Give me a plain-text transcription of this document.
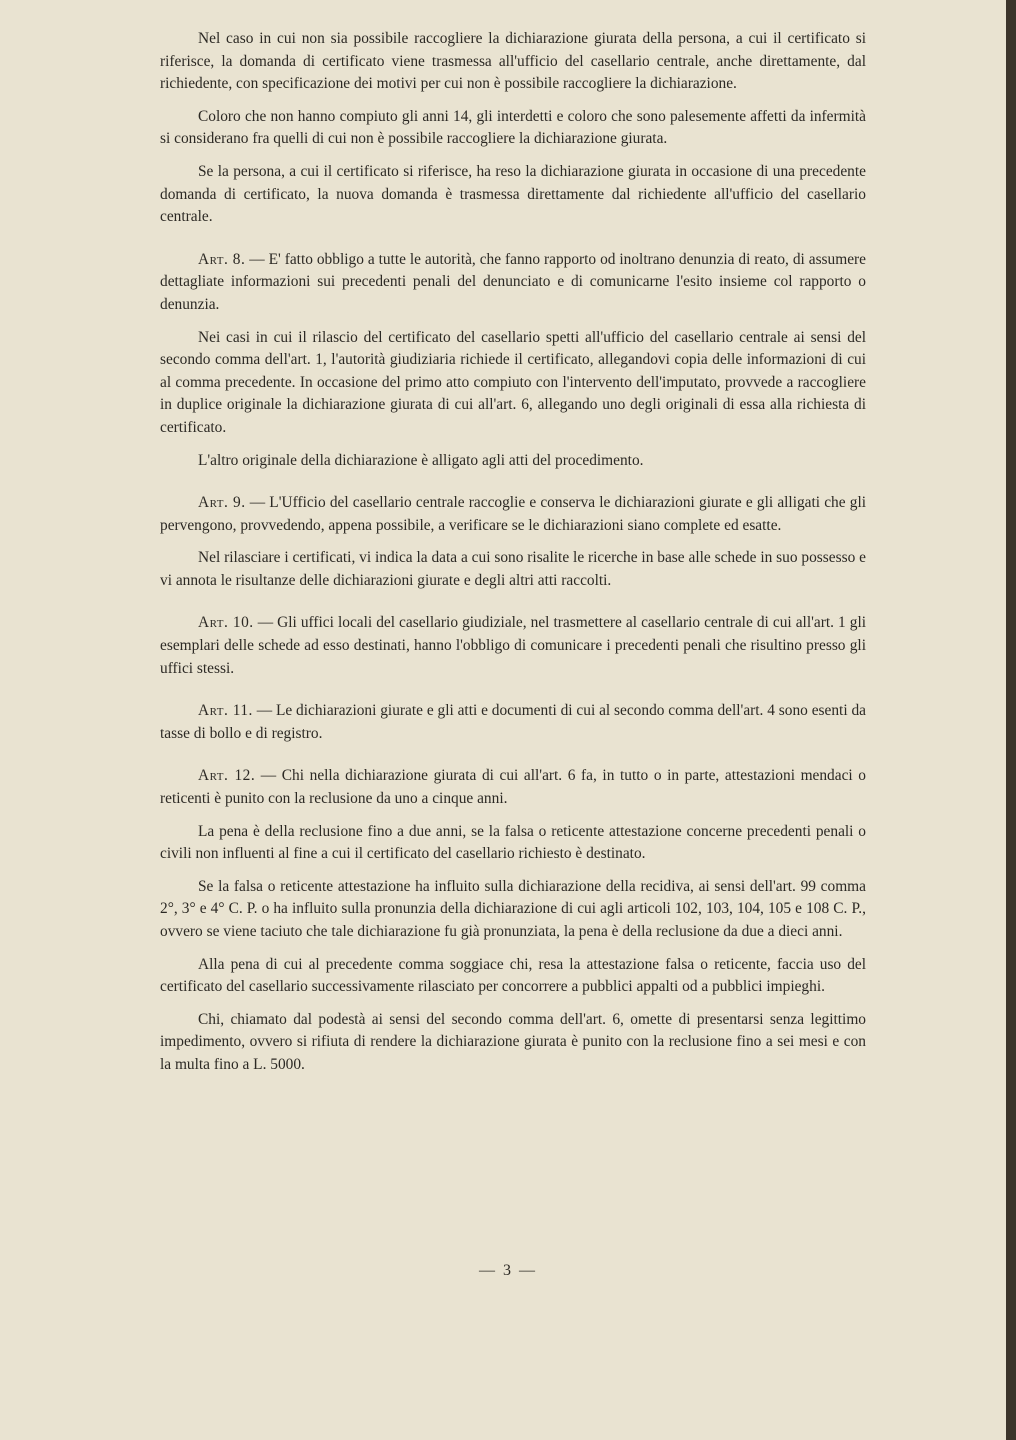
Nel caso in cui non sia possibile raccogliere la dichiarazione giurata della persona, a cui il certificato si riferisce, la domanda di certificato viene trasmessa all'ufficio del casellario centrale, anche direttamente, dal richiedente, con specificazione dei motivi per cui non è possibile raccogliere la dichiarazione.

Coloro che non hanno compiuto gli anni 14, gli interdetti e coloro che sono palesemente affetti da infermità si considerano fra quelli di cui non è possibile raccogliere la dichiarazione giurata.

Se la persona, a cui il certificato si riferisce, ha reso la dichiarazione giurata in occasione di una precedente domanda di certificato, la nuova domanda è trasmessa direttamente dal richiedente all'ufficio del casellario centrale.

Art. 8. — E' fatto obbligo a tutte le autorità, che fanno rapporto od inoltrano denunzia di reato, di assumere dettagliate informazioni sui precedenti penali del denunciato e di comunicarne l'esito insieme col rapporto o denunzia.

Nei casi in cui il rilascio del certificato del casellario spetti all'ufficio del casellario centrale ai sensi del secondo comma dell'art. 1, l'autorità giudiziaria richiede il certificato, allegandovi copia delle informazioni di cui al comma precedente. In occasione del primo atto compiuto con l'intervento dell'imputato, provvede a raccogliere in duplice originale la dichiarazione giurata di cui all'art. 6, allegando uno degli originali di essa alla richiesta di certificato.

L'altro originale della dichiarazione è alligato agli atti del procedimento.

Art. 9. — L'Ufficio del casellario centrale raccoglie e conserva le dichiarazioni giurate e gli alligati che gli pervengono, provvedendo, appena possibile, a verificare se le dichiarazioni siano complete ed esatte.

Nel rilasciare i certificati, vi indica la data a cui sono risalite le ricerche in base alle schede in suo possesso e vi annota le risultanze delle dichiarazioni giurate e degli altri atti raccolti.

Art. 10. — Gli uffici locali del casellario giudiziale, nel trasmettere al casellario centrale di cui all'art. 1 gli esemplari delle schede ad esso destinati, hanno l'obbligo di comunicare i precedenti penali che risultino presso gli uffici stessi.

Art. 11. — Le dichiarazioni giurate e gli atti e documenti di cui al secondo comma dell'art. 4 sono esenti da tasse di bollo e di registro.

Art. 12. — Chi nella dichiarazione giurata di cui all'art. 6 fa, in tutto o in parte, attestazioni mendaci o reticenti è punito con la reclusione da uno a cinque anni.

La pena è della reclusione fino a due anni, se la falsa o reticente attestazione concerne precedenti penali o civili non influenti al fine a cui il certificato del casellario richiesto è destinato.

Se la falsa o reticente attestazione ha influito sulla dichiarazione della recidiva, ai sensi dell'art. 99 comma 2°, 3° e 4° C. P. o ha influito sulla pronunzia della dichiarazione di cui agli articoli 102, 103, 104, 105 e 108 C. P., ovvero se viene taciuto che tale dichiarazione fu già pronunziata, la pena è della reclusione da due a dieci anni.

Alla pena di cui al precedente comma soggiace chi, resa la attestazione falsa o reticente, faccia uso del certificato del casellario successivamente rilasciato per concorrere a pubblici appalti od a pubblici impieghi.

Chi, chiamato dal podestà ai sensi del secondo comma dell'art. 6, omette di presentarsi senza legittimo impedimento, ovvero si rifiuta di rendere la dichiarazione giurata è punito con la reclusione fino a sei mesi e con la multa fino a L. 5000.

— 3 —
